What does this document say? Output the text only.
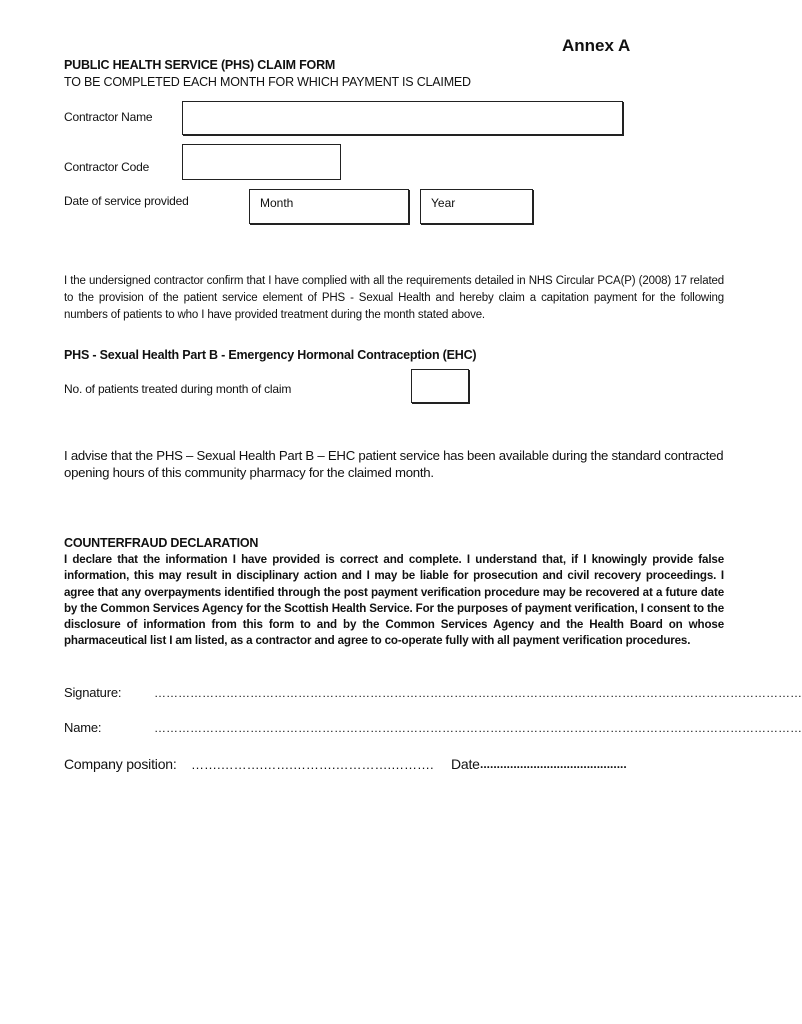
Annex A
PUBLIC HEALTH SERVICE (PHS) CLAIM FORM
TO BE COMPLETED EACH MONTH FOR WHICH PAYMENT IS CLAIMED
Contractor Name
Contractor Code
Date of service provided	Month	Year
I the undersigned contractor confirm that I have complied with all the requirements detailed in NHS Circular PCA(P) (2008) 17 related to the provision of the patient service element of PHS - Sexual Health and hereby claim a capitation payment for the following numbers of patients to who I have provided treatment during the month stated above.
PHS - Sexual Health Part B - Emergency Hormonal Contraception (EHC)
No. of patients treated during month of claim
I advise that the PHS – Sexual Health Part B – EHC patient service has been available during the standard contracted opening hours of this community pharmacy for the claimed month.
COUNTERFRAUD DECLARATION
I declare that the information I have provided is correct and complete. I understand that, if I knowingly provide false information, this may result in disciplinary action and I may be liable for prosecution and civil recovery proceedings. I agree that any overpayments identified through the post payment verification procedure may be recovered at a future date by the Common Services Agency for the Scottish Health Service. For the purposes of payment verification, I consent to the disclosure of information from this form to and by the Common Services Agency and the Health Board on whose pharmaceutical list I am listed, as a contractor and agree to co-operate fully with all payment verification procedures.
Signature:	………………………………………………………………………………………………………………………………………………
Name:	………………………………………………………………………………………………………………………………………………
Company position: …….……….…….……….………….……….	Date ............................................
